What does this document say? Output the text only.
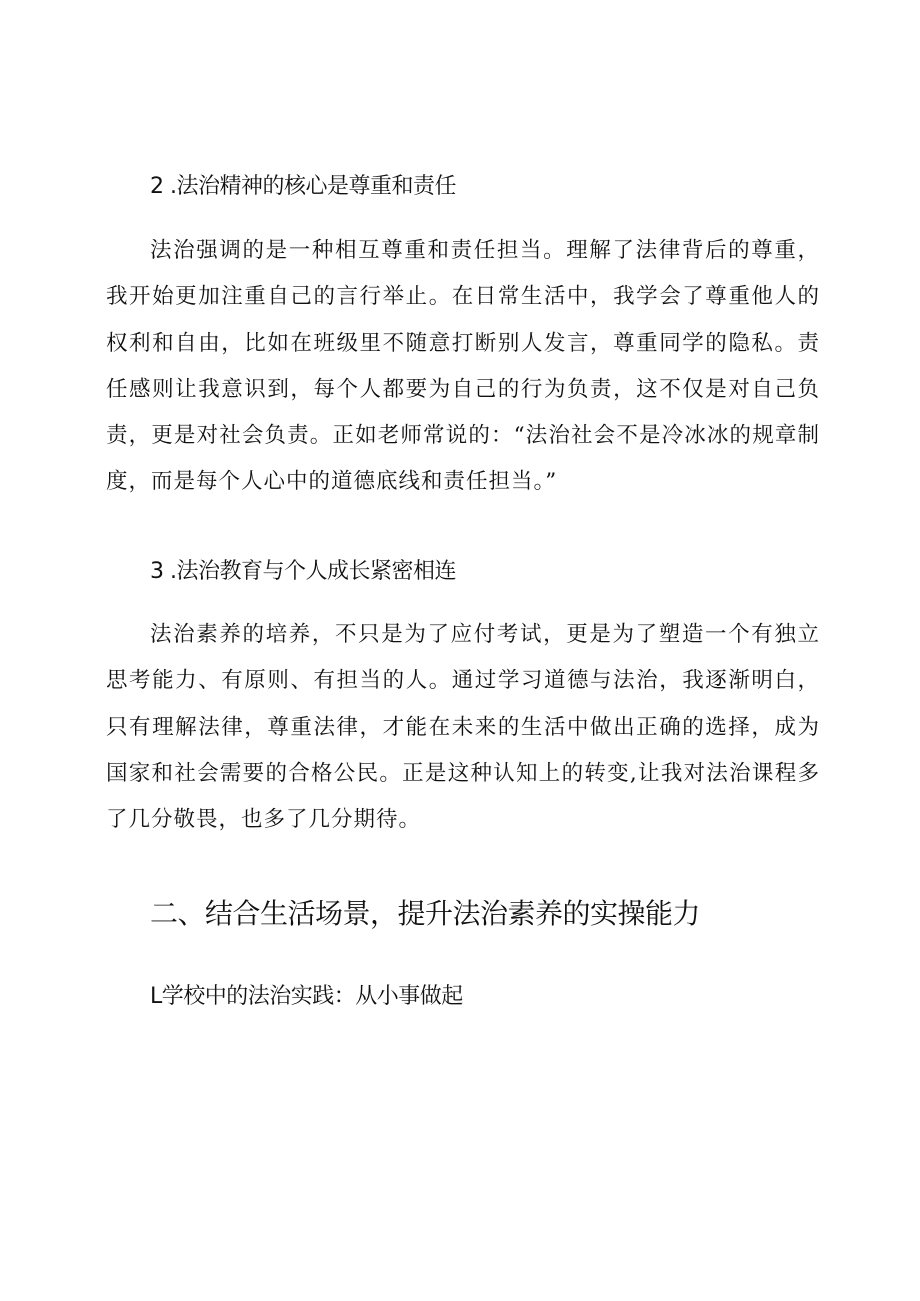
2 .法治精神的核心是尊重和责任

法治强调的是一种相互尊重和责任担当。理解了法律背后的尊重，我开始更加注重自己的言行举止。在日常生活中，我学会了尊重他人的权利和自由，比如在班级里不随意打断别人发言，尊重同学的隐私。责任感则让我意识到，每个人都要为自己的行为负责，这不仅是对自己负责，更是对社会负责。正如老师常说的：“法治社会不是冷冰冰的规章制度，而是每个人心中的道德底线和责任担当。”

3 .法治教育与个人成长紧密相连

法治素养的培养，不只是为了应付考试，更是为了塑造一个有独立思考能力、有原则、有担当的人。通过学习道德与法治，我逐渐明白，只有理解法律，尊重法律，才能在未来的生活中做出正确的选择，成为国家和社会需要的合格公民。正是这种认知上的转变,让我对法治课程多了几分敬畏，也多了几分期待。

二、结合生活场景，提升法治素养的实操能力
L学校中的法治实践：从小事做起
